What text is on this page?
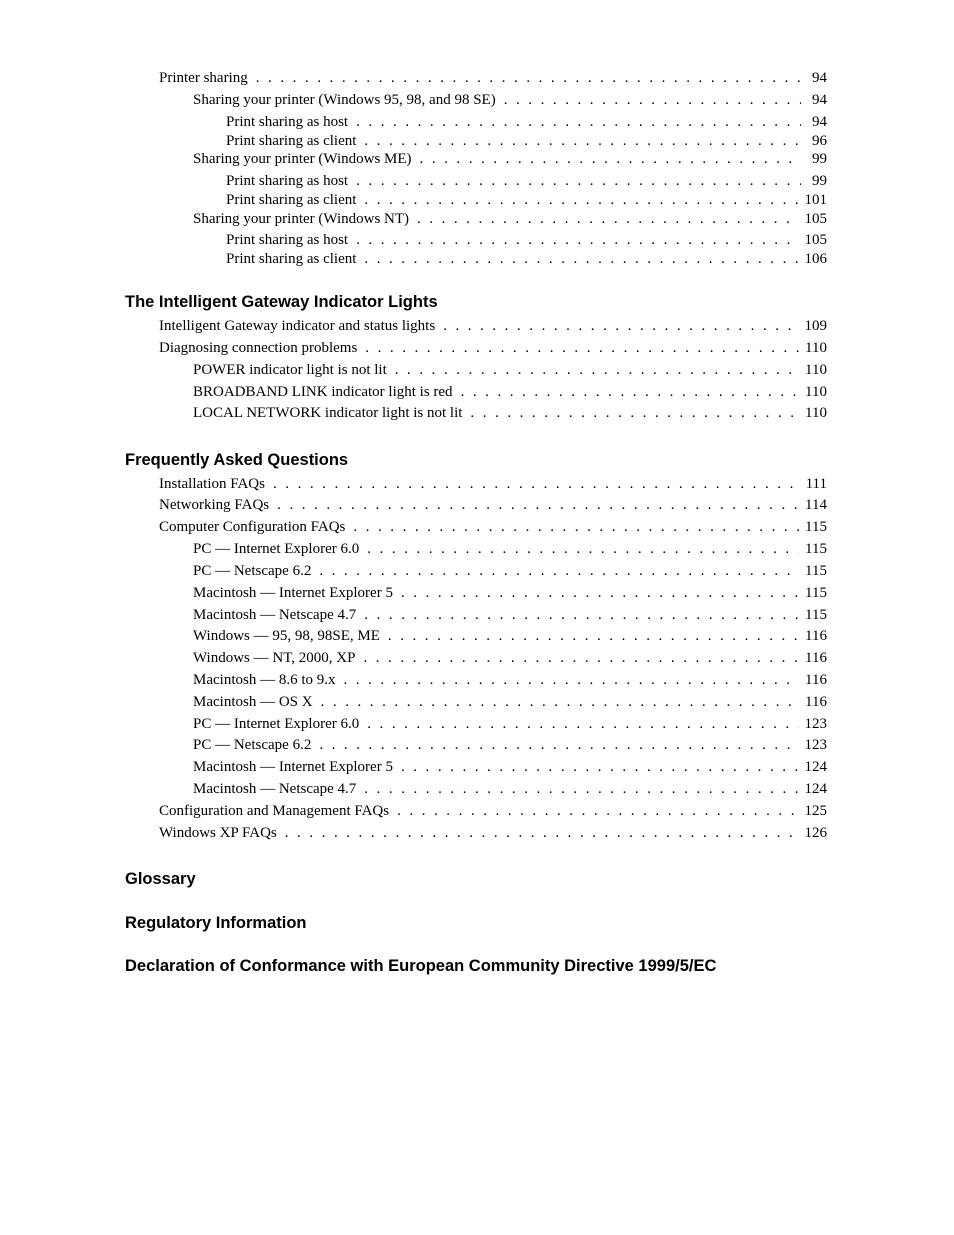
Printer sharing . . .	94
Sharing your printer (Windows 95, 98, and 98 SE) . . .	94
Print sharing as host . . .	94
Print sharing as client . . .	96
Sharing your printer (Windows ME) . . .	99
Print sharing as host . . .	99
Print sharing as client . . .	101
Sharing your printer (Windows NT) . . .	105
Print sharing as host . . .	105
Print sharing as client . . .	106
The Intelligent Gateway Indicator Lights
Intelligent Gateway indicator and status lights . . .	109
Diagnosing connection problems . . .	110
POWER indicator light is not lit . . .	110
BROADBAND LINK indicator light is red . . .	110
LOCAL NETWORK indicator light is not lit . . .	110
Frequently Asked Questions
Installation FAQs . . .	111
Networking FAQs . . .	114
Computer Configuration FAQs . . .	115
PC — Internet Explorer 6.0 . . .	115
PC — Netscape 6.2 . . .	115
Macintosh — Internet Explorer 5 . . .	115
Macintosh — Netscape 4.7 . . .	115
Windows — 95, 98, 98SE, ME . . .	116
Windows — NT, 2000, XP . . .	116
Macintosh — 8.6 to 9.x . . .	116
Macintosh — OS X . . .	116
PC — Internet Explorer 6.0 . . .	123
PC — Netscape 6.2 . . .	123
Macintosh — Internet Explorer 5 . . .	124
Macintosh — Netscape 4.7 . . .	124
Configuration and Management FAQs . . .	125
Windows XP FAQs . . .	126
Glossary
Regulatory Information
Declaration of Conformance with European Community Directive 1999/5/EC
